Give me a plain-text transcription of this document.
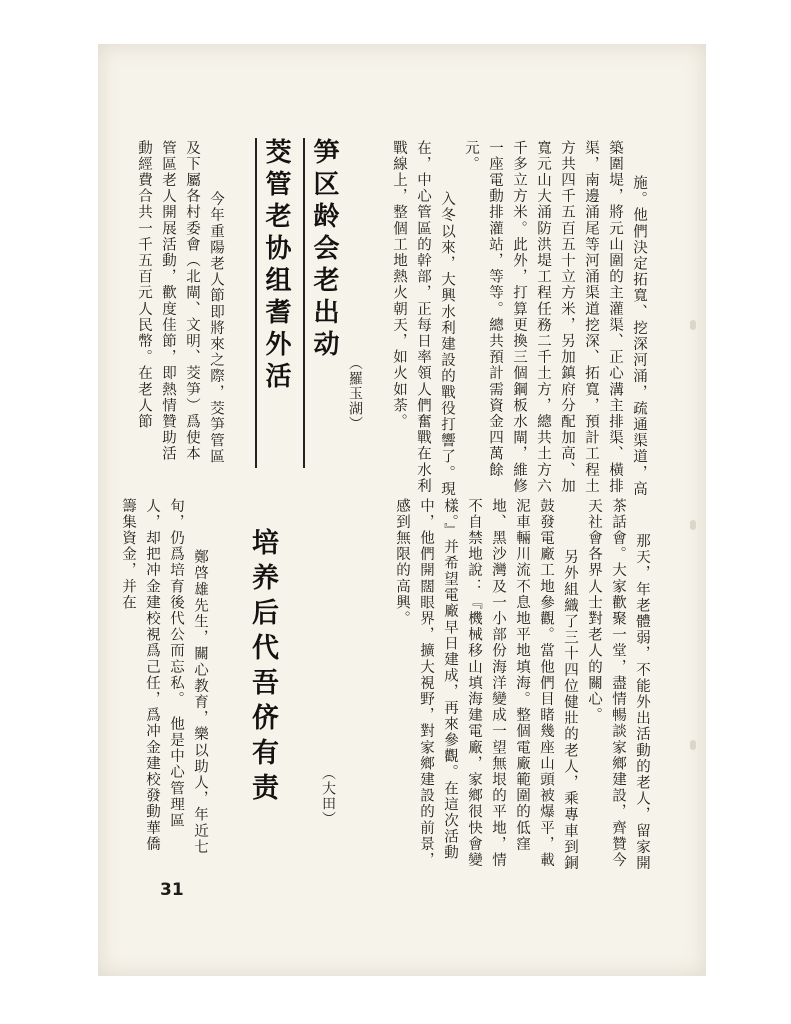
施。他們決定拓寬、挖深河涌，疏通渠道，高築圍堤，將元山圍的主灌渠、正心溝主排渠、橫排渠，南邊涌尾等河涌渠道挖深、拓寬，預計工程土方共四千五百五十立方米，另加鎮府分配加高、加寬元山大涌防洪堤工程任務二千土方，總共土方六千多立方米。此外，打算更換三個鋼板水閘，維修一座電動排灌站，等等。總共預計需資金四萬餘元。
　入冬以來，大興水利建設的戰役打響了。現在，中心管區的幹部，正每日率領人們奮戰在水利戰線上，整個工地熱火朝天，如火如荼。

（羅玉湖）
笋区龄会老出动
茭管老协组耆外活

　今年重陽老人節即將來之際，茭笋管區及下屬各村委會（北閘、文明、茭笋）爲使本管區老人開展活動，歡度佳節，即熱情贊助活動經費合共一千五百元人民幣。在老人節

那天，年老體弱，不能外出活動的老人，留家開茶話會。大家歡聚一堂，盡情暢談家鄉建設，齊贊今天社會各界人士對老人的關心。
　另外組織了三十四位健壯的老人，乘專車到銅鼓發電廠工地參觀。當他們目睹幾座山頭被爆平，載泥車輛川流不息地平地填海。整個電廠範圍的低窪地、黑沙灣及一小部份海洋變成一望無垠的平地，情不自禁地說：『機械移山填海建電廠，家鄉很快會變樣。』并希望電廠早日建成，再來參觀。在這次活動中，他們開闊眼界，擴大視野，對家鄉建設的前景，感到無限的高興。

（大田）
培养后代吾侪有责

　鄭啓雄先生，關心教育，樂以助人，年近七旬，仍爲培育後代公而忘私。　他是中心管理區人，却把冲金建校視爲己任，爲冲金建校發動華僑籌集資金，并在

31
